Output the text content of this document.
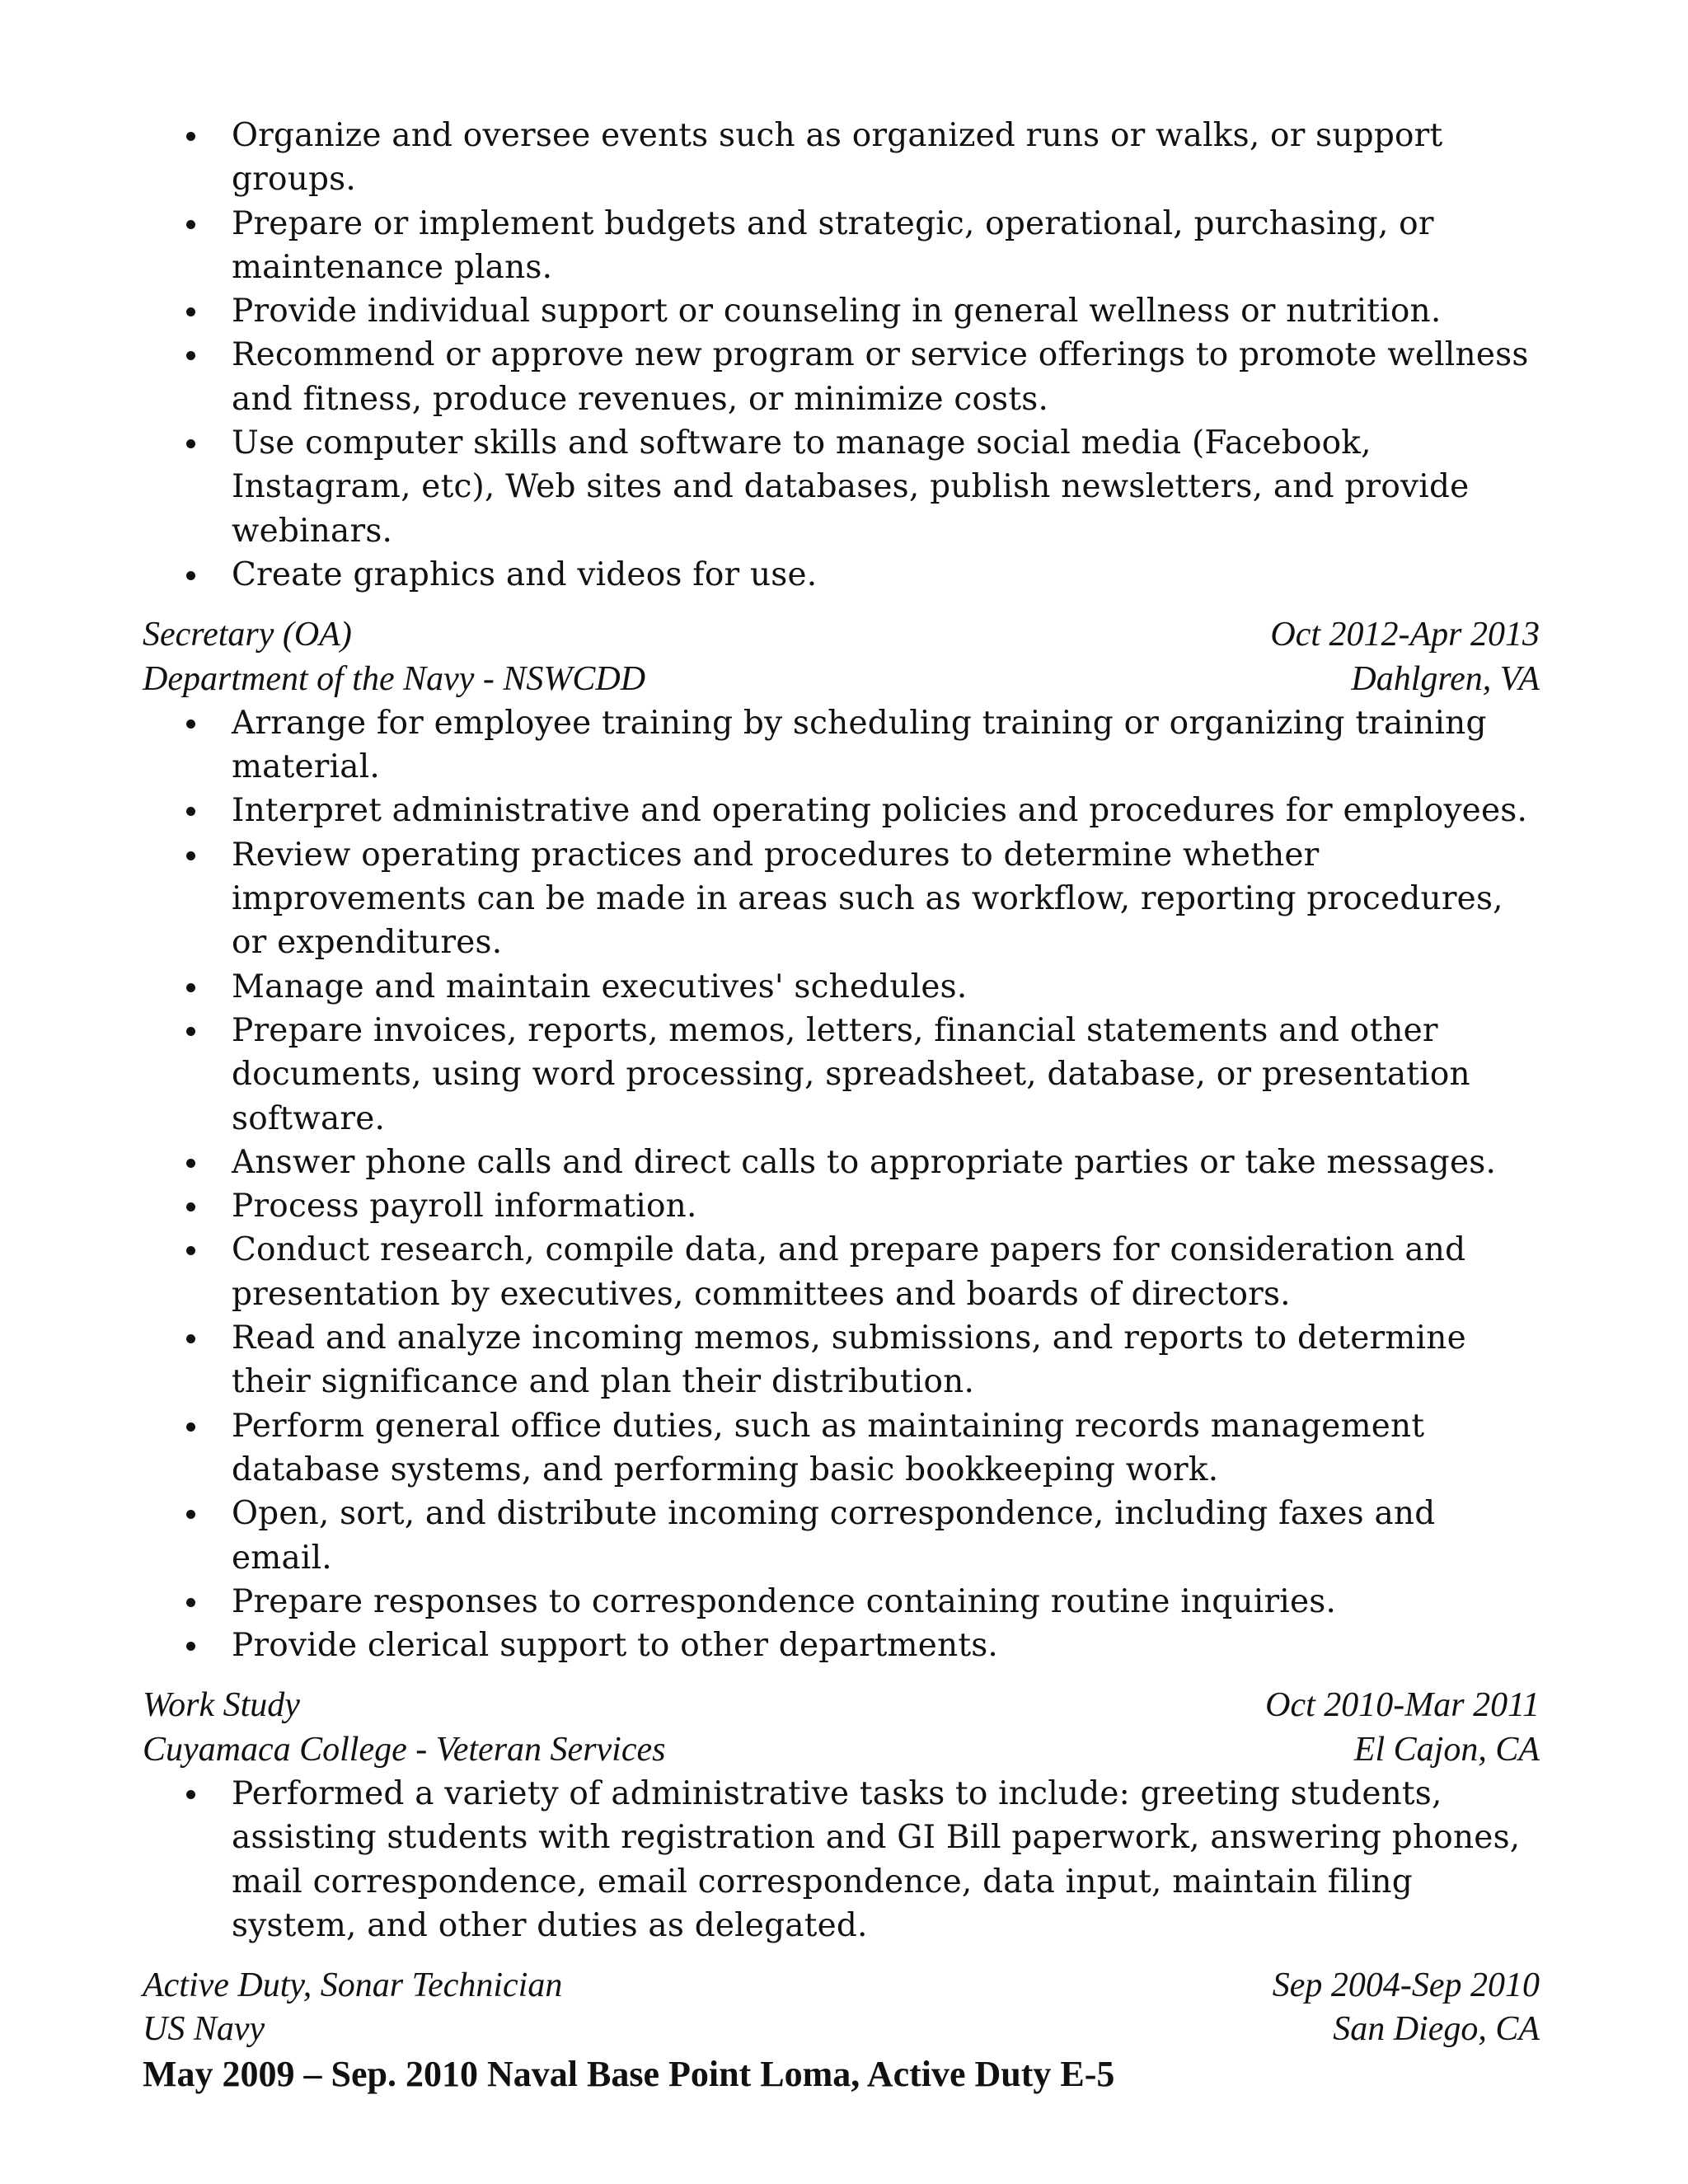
Organize and oversee events such as organized runs or walks, or support groups.
Prepare or implement budgets and strategic, operational, purchasing, or maintenance plans.
Provide individual support or counseling in general wellness or nutrition.
Recommend or approve new program or service offerings to promote wellness and fitness, produce revenues, or minimize costs.
Use computer skills and software to manage social media (Facebook, Instagram, etc), Web sites and databases, publish newsletters, and provide webinars.
Create graphics and videos for use.
Secretary (OA)	Oct 2012-Apr 2013
Department of the Navy - NSWCDD	Dahlgren, VA
Arrange for employee training by scheduling training or organizing training material.
Interpret administrative and operating policies and procedures for employees.
Review operating practices and procedures to determine whether improvements can be made in areas such as workflow, reporting procedures, or expenditures.
Manage and maintain executives' schedules.
Prepare invoices, reports, memos, letters, financial statements and other documents, using word processing, spreadsheet, database, or presentation software.
Answer phone calls and direct calls to appropriate parties or take messages.
Process payroll information.
Conduct research, compile data, and prepare papers for consideration and presentation by executives, committees and boards of directors.
Read and analyze incoming memos, submissions, and reports to determine their significance and plan their distribution.
Perform general office duties, such as maintaining records management database systems, and performing basic bookkeeping work.
Open, sort, and distribute incoming correspondence, including faxes and email.
Prepare responses to correspondence containing routine inquiries.
Provide clerical support to other departments.
Work Study	Oct 2010-Mar 2011
Cuyamaca College - Veteran Services	El Cajon, CA
Performed a variety of administrative tasks to include: greeting students, assisting students with registration and GI Bill paperwork, answering phones, mail correspondence, email correspondence, data input, maintain filing system, and other duties as delegated.
Active Duty, Sonar Technician	Sep 2004-Sep 2010
US Navy	San Diego, CA
May 2009 – Sep. 2010 Naval Base Point Loma, Active Duty E-5
